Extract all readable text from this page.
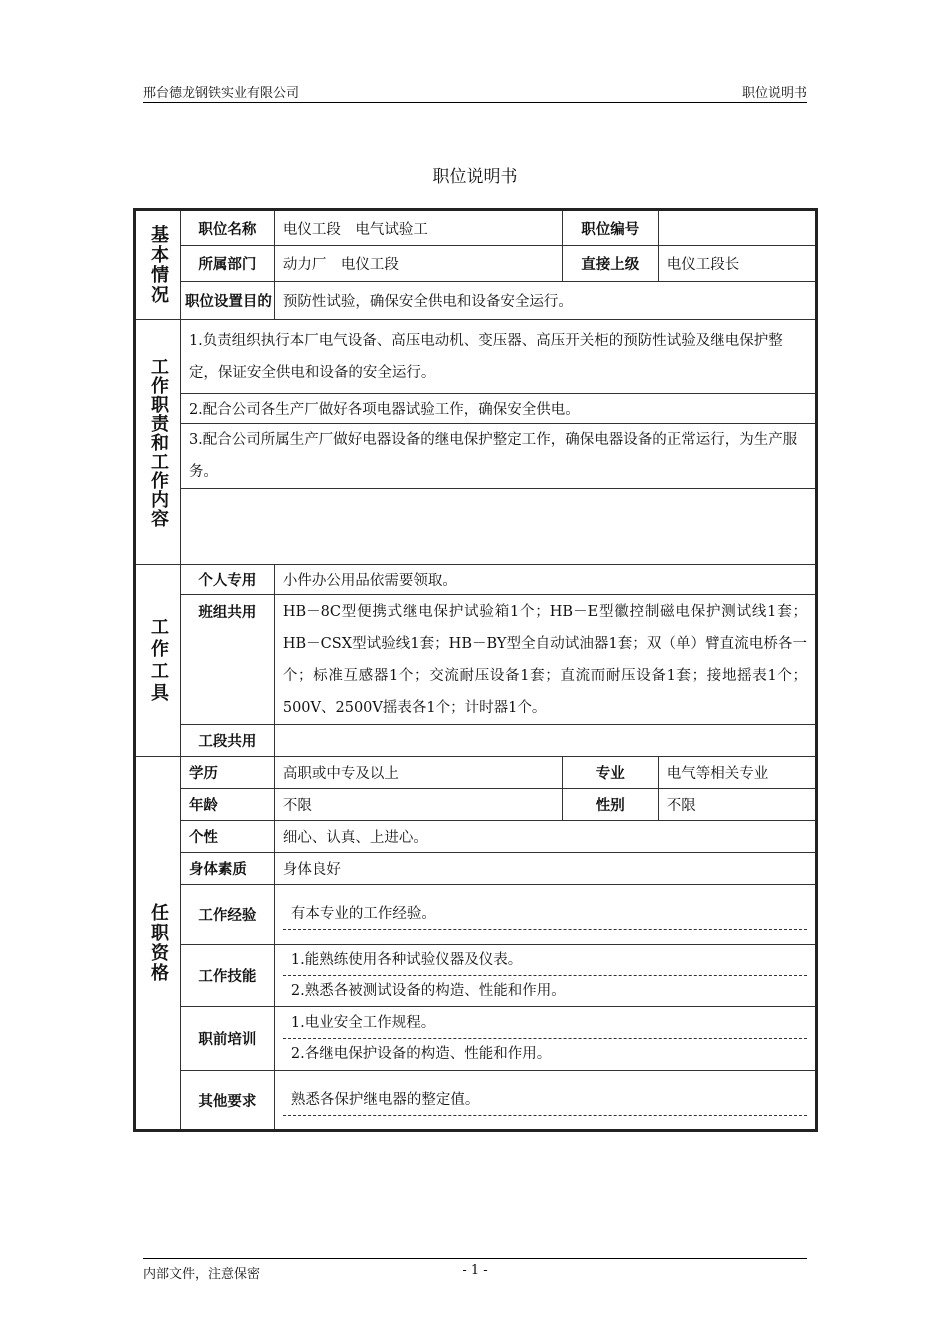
邢台德龙钢铁实业有限公司	职位说明书
职位说明书
基本情况	职位名称	电仪工段　电气试验工	职位编号	
	所属部门	动力厂　电仪工段	直接上级	电仪工段长
	职位设置目的	预防性试验，确保安全供电和设备安全运行。		
工作职责和工作内容	1.负责组织执行本厂电气设备、高压电动机、变压器、高压开关柜的预防性试验及继电保护整定，保证安全供电和设备的安全运行。			
	2.配合公司各生产厂做好各项电器试验工作，确保安全供电。			
	3.配合公司所属生产厂做好电器设备的继电保护整定工作，确保电器设备的正常运行，为生产服务。			

工作工具	个人专用	小件办公用品依需要领取。		
	班组共用	HB－8C型便携式继电保护试验箱1个；HB－E型徽控制磁电保护测试线1套；HB－CSX型试验线1套；HB－BY型全自动试油器1套；双（单）臂直流电桥各一个；标准互感器1个；交流耐压设备1套；直流而耐压设备1套；接地摇表1个；500V、2500V摇表各1个；计时器1个。		
	工段共用			
任职资格	学历	高职或中专及以上	专业	电气等相关专业
	年龄	不限	性别	不限
	个性	细心、认真、上进心。		
	身体素质	身体良好		
	工作经验	有本专业的工作经验。		

	工作技能	1.能熟练使用各种试验仪器及仪表。
2.熟悉各被测试设备的构造、性能和作用。		

	职前培训	1.电业安全工作规程。
2.各继电保护设备的构造、性能和作用。		

	其他要求	熟悉各保护继电器的整定值。		
内部文件，注意保密	- 1 -
